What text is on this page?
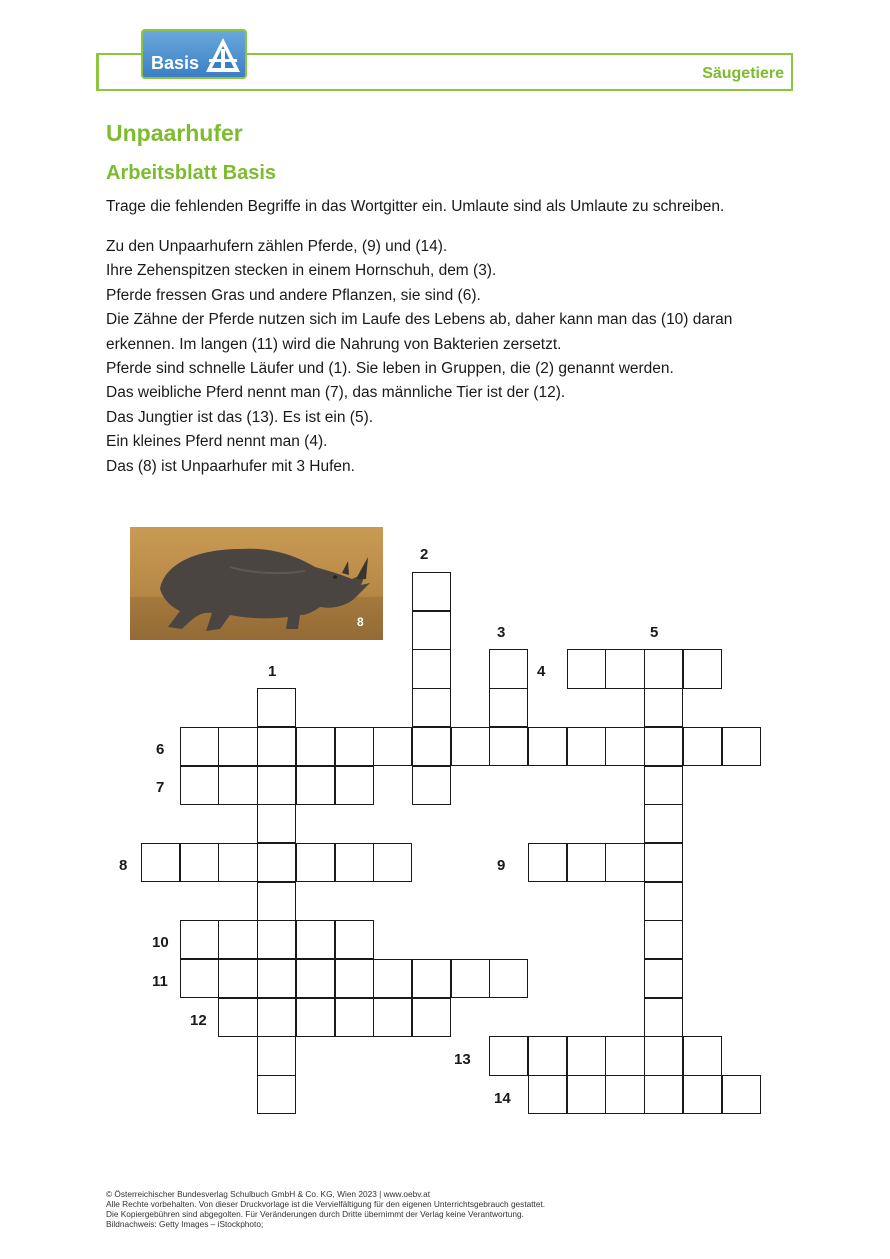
Basis
Säugetiere
Unpaarhufer
Arbeitsblatt Basis

Trage die fehlenden Begriffe in das Wortgitter ein. Umlaute sind als Umlaute zu schreiben.

Zu den Unpaarhufern zählen Pferde, (9) und (14).
Ihre Zehenspitzen stecken in einem Hornschuh, dem (3).
Pferde fressen Gras und andere Pflanzen, sie sind (6).
Die Zähne der Pferde nutzen sich im Laufe des Lebens ab, daher kann man das (10) daran
erkennen. Im langen (11) wird die Nahrung von Bakterien zersetzt.
Pferde sind schnelle Läufer und (1). Sie leben in Gruppen, die (2) genannt werden.
Das weibliche Pferd nennt man (7), das männliche Tier ist der (12).
Das Jungtier ist das (13). Es ist ein (5).
Ein kleines Pferd nennt man (4).
Das (8) ist Unpaarhufer mit 3 Hufen.
8
1
2
3
4
5
6
7
8	9
10
11
12
13
14
© Österreichischer Bundesverlag Schulbuch GmbH & Co. KG, Wien 2023 | www.oebv.at
Alle Rechte vorbehalten. Von dieser Druckvorlage ist die Vervielfältigung für den eigenen Unterrichtsgebrauch gestattet.
Die Kopiergebühren sind abgegolten. Für Veränderungen durch Dritte übernimmt der Verlag keine Verantwortung.
Bildnachweis: Getty Images – iStockphoto;
